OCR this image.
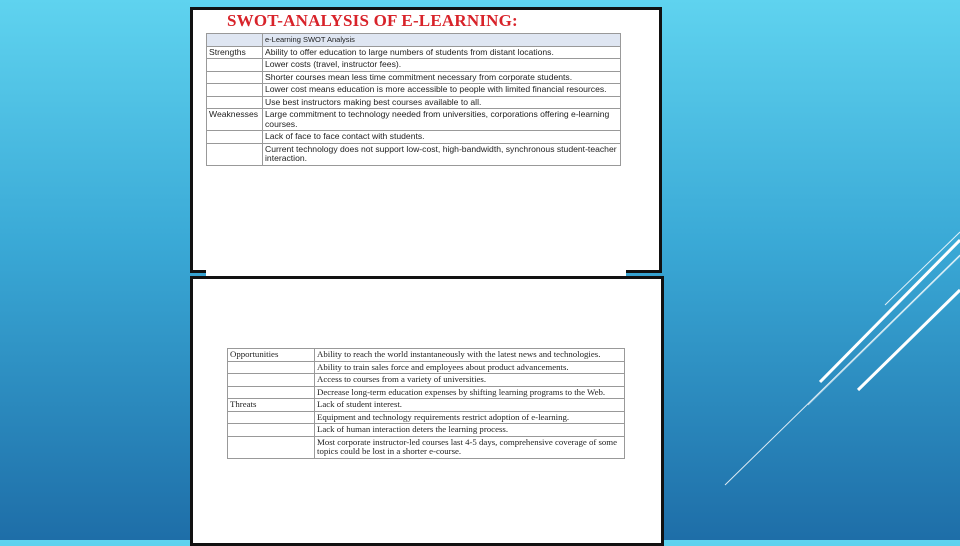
SWOT-ANALYSIS OF E-LEARNING:
	e-Learning SWOT Analysis
Strengths	Ability to offer education to large numbers of students from distant locations.
	Lower costs (travel, instructor fees).
	Shorter courses mean less time commitment necessary from corporate students.
	Lower cost means education is more accessible to people with limited financial resources.
	Use best instructors making best courses available to all.
Weaknesses	Large commitment to technology needed from universities, corporations offering e-learning courses.
	Lack of face to face contact with students.
	Current technology does not support low-cost, high-bandwidth, synchronous student-teacher interaction.
Opportunities	Ability to reach the world instantaneously with the latest news and technologies.
	Ability to train sales force and employees about product advancements.
	Access to courses from a variety of universities.
	Decrease long-term education expenses by shifting learning programs to the Web.
Threats	Lack of student interest.
	Equipment and technology requirements restrict adoption of e-learning.
	Lack of human interaction deters the learning process.
	Most corporate instructor-led courses last 4-5 days, comprehensive coverage of some topics could be lost in a shorter e-course.
